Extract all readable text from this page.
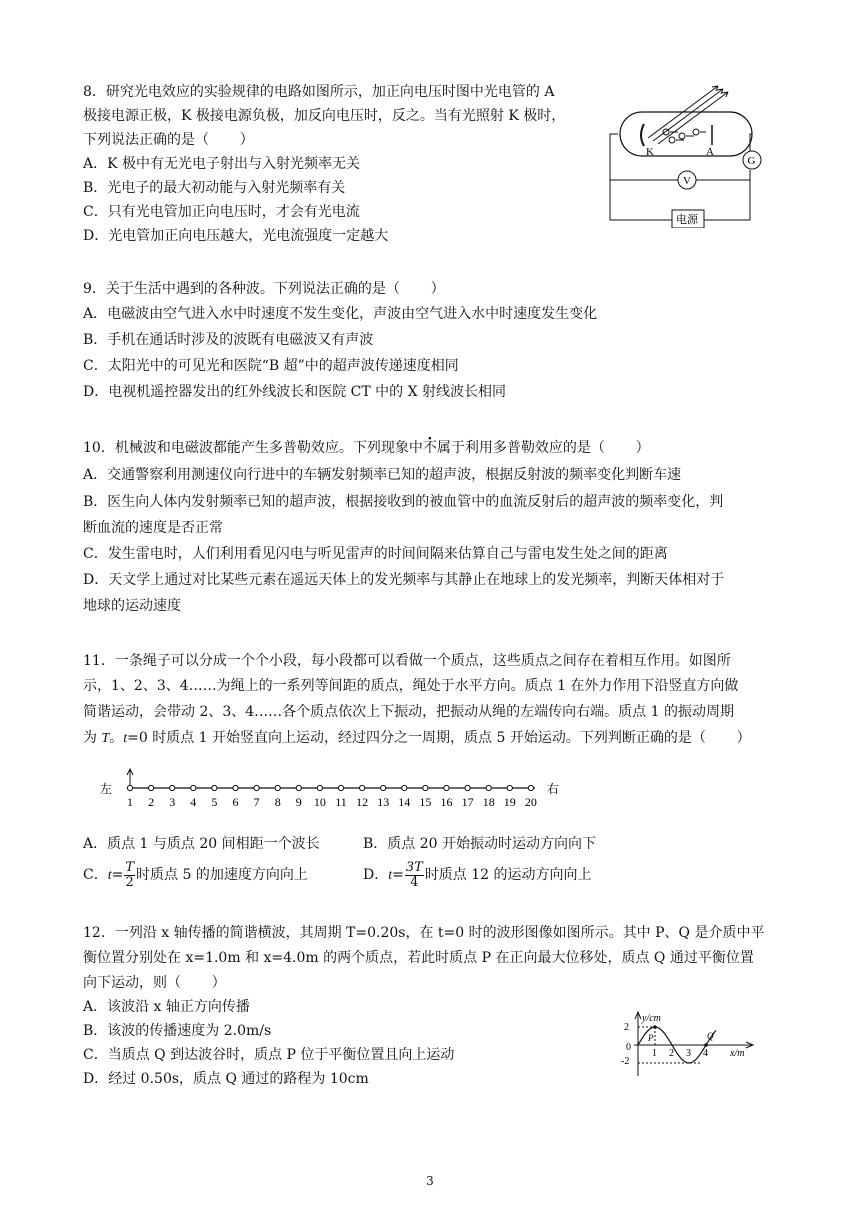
8．研究光电效应的实验规律的电路如图所示，加正向电压时图中光电管的 A
极接电源正极，K 极接电源负极，加反向电压时，反之。当有光照射 K 极时，
下列说法正确的是（ ）
A．K 极中有无光电子射出与入射光频率无关
B．光电子的最大初动能与入射光频率有关
C．只有光电管加正向电压时，才会有光电流
D．光电管加正向电压越大，光电流强度一定越大
K	A
G
V
电源
9．关于生活中遇到的各种波。下列说法正确的是（ ）
A．电磁波由空气进入水中时速度不发生变化，声波由空气进入水中时速度发生变化
B．手机在通话时涉及的波既有电磁波又有声波
C．太阳光中的可见光和医院“B 超”中的超声波传递速度相同
D．电视机遥控器发出的红外线波长和医院 CT 中的 X 射线波长相同
10．机械波和电磁波都能产生多普勒效应。下列现象中不属于利用多普勒效应的是（ ）
A．交通警察利用测速仪向行进中的车辆发射频率已知的超声波，根据反射波的频率变化判断车速
B．医生向人体内发射频率已知的超声波，根据接收到的被血管中的血流反射后的超声波的频率变化，判
断血流的速度是否正常
C．发生雷电时，人们利用看见闪电与听见雷声的时间间隔来估算自己与雷电发生处之间的距离
D．天文学上通过对比某些元素在遥远天体上的发光频率与其静止在地球上的发光频率，判断天体相对于
地球的运动速度
11．一条绳子可以分成一个个小段，每小段都可以看做一个质点，这些质点之间存在着相互作用。如图所
示，1、2、3、4……为绳上的一系列等间距的质点，绳处于水平方向。质点 1 在外力作用下沿竖直方向做
简谐运动，会带动 2、3、4……各个质点依次上下振动，把振动从绳的左端传向右端。质点 1 的振动周期
为 T。t=0 时质点 1 开始竖直向上运动，经过四分之一周期，质点 5 开始运动。下列判断正确的是（ ）
左	右
1 2 3 4 5 6 7 8 9 10 11 12 13 14 15 16 17 18 19 20
A．质点 1 与质点 20 间相距一个波长	B．质点 20 开始振动时运动方向向下
C．$t= \frac{T}{2}$ 时质点 5 的加速度方向向上	D．$t= \frac{3T}{4}$ 时质点 12 的运动方向向上
12．一列沿 x 轴传播的简谐横波，其周期 T=0.20s，在 t=0 时的波形图像如图所示。其中 P、Q 是介质中平
衡位置分别处在 x=1.0m 和 x=4.0m 的两个质点，若此时质点 P 在正向最大位移处，质点 Q 通过平衡位置
向下运动，则（ ）
A．该波沿 x 轴正方向传播
B．该波的传播速度为 2.0m/s
C．当质点 Q 到达波谷时，质点 P 位于平衡位置且向上运动
D．经过 0.50s，质点 Q 通过的路程为 10cm
y/cm
x/m
2
-2
0
P	Q
1 2 3 4
3
